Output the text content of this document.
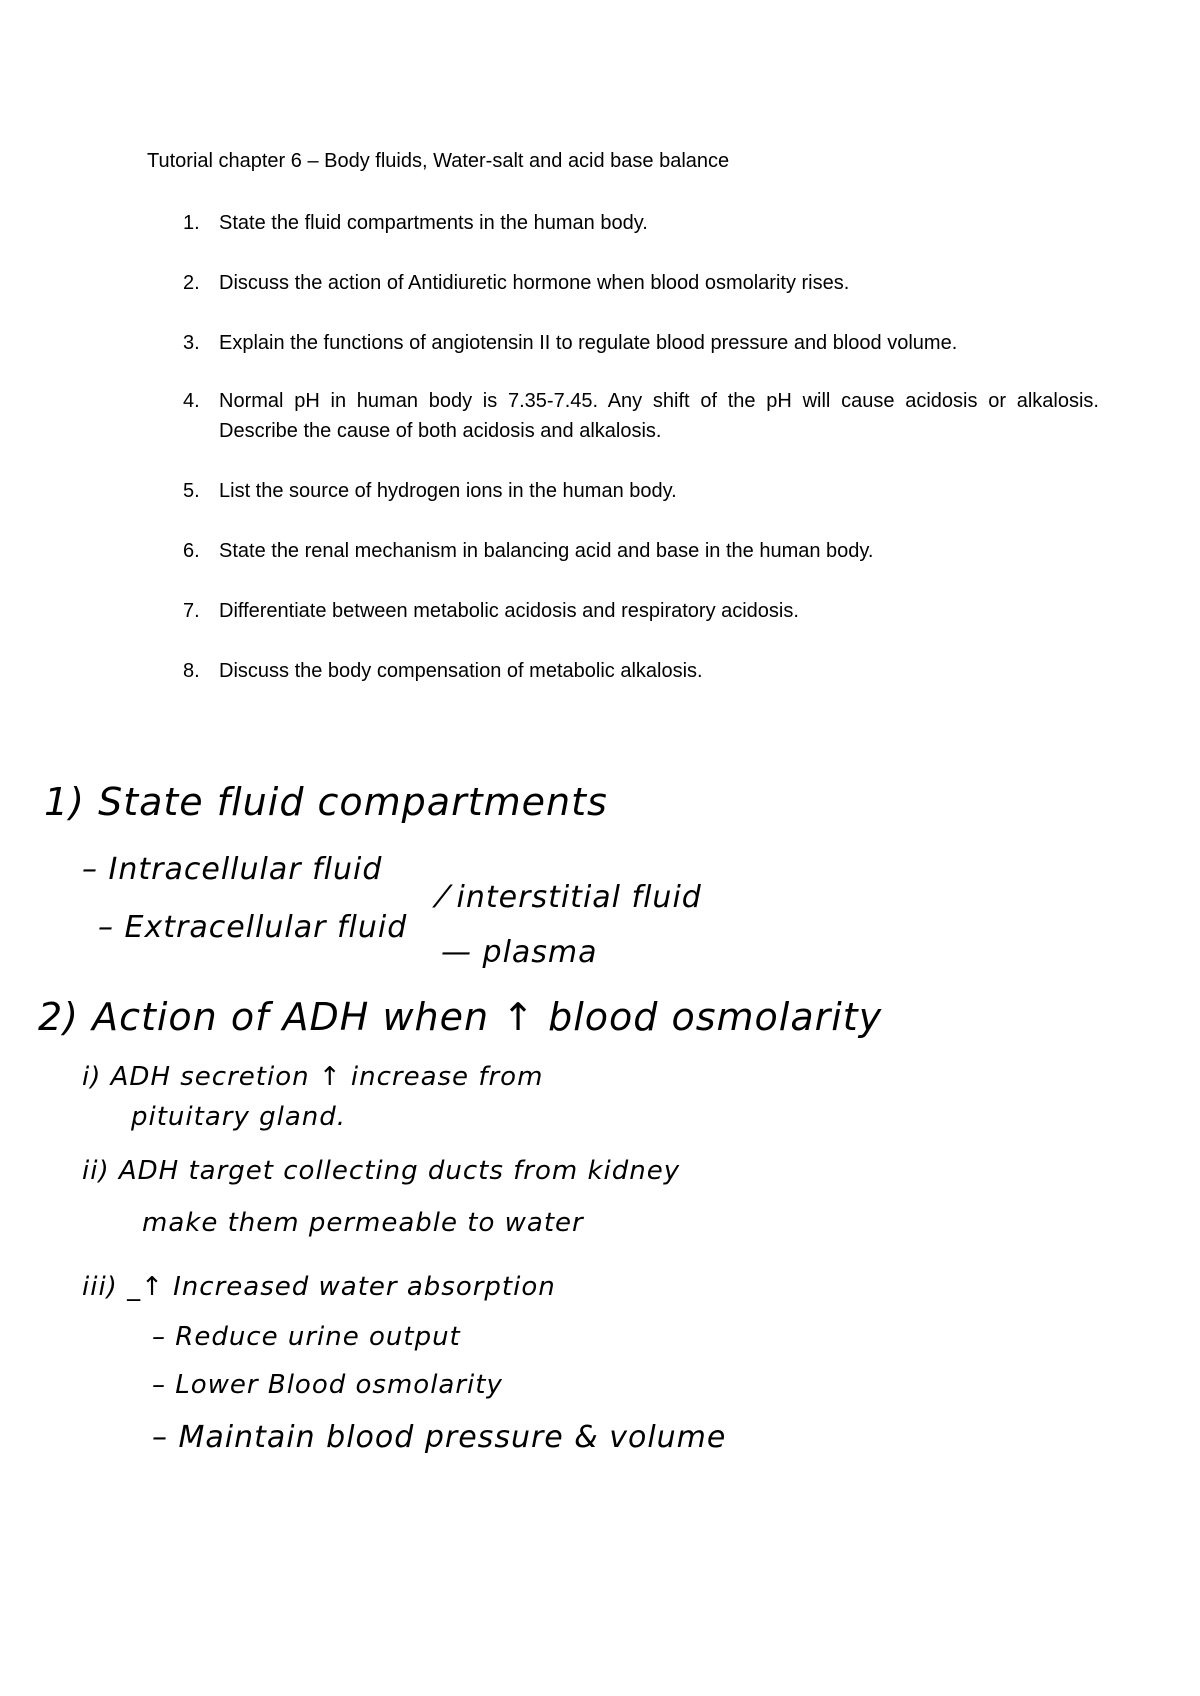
Tutorial chapter 6 – Body fluids, Water-salt and acid base balance
1. State the fluid compartments in the human body.
2. Discuss the action of Antidiuretic hormone when blood osmolarity rises.
3. Explain the functions of angiotensin II to regulate blood pressure and blood volume.
4. Normal pH in human body is 7.35-7.45. Any shift of the pH will cause acidosis or alkalosis. Describe the cause of both acidosis and alkalosis.
5. List the source of hydrogen ions in the human body.
6. State the renal mechanism in balancing acid and base in the human body.
7. Differentiate between metabolic acidosis and respiratory acidosis.
8. Discuss the body compensation of metabolic alkalosis.
1) State fluid compartments
– Intracellular fluid
– Extracellular fluid
⁄ interstitial fluid
— plasma
2) Action of ADH when ↑ blood osmolarity
i) ADH secretion ↑ increase from
pituitary gland.
ii) ADH target collecting ducts from kidney
make them permeable to water
iii) _↑ Increased water absorption
– Reduce urine output
– Lower Blood osmolarity
– Maintain blood pressure & volume
